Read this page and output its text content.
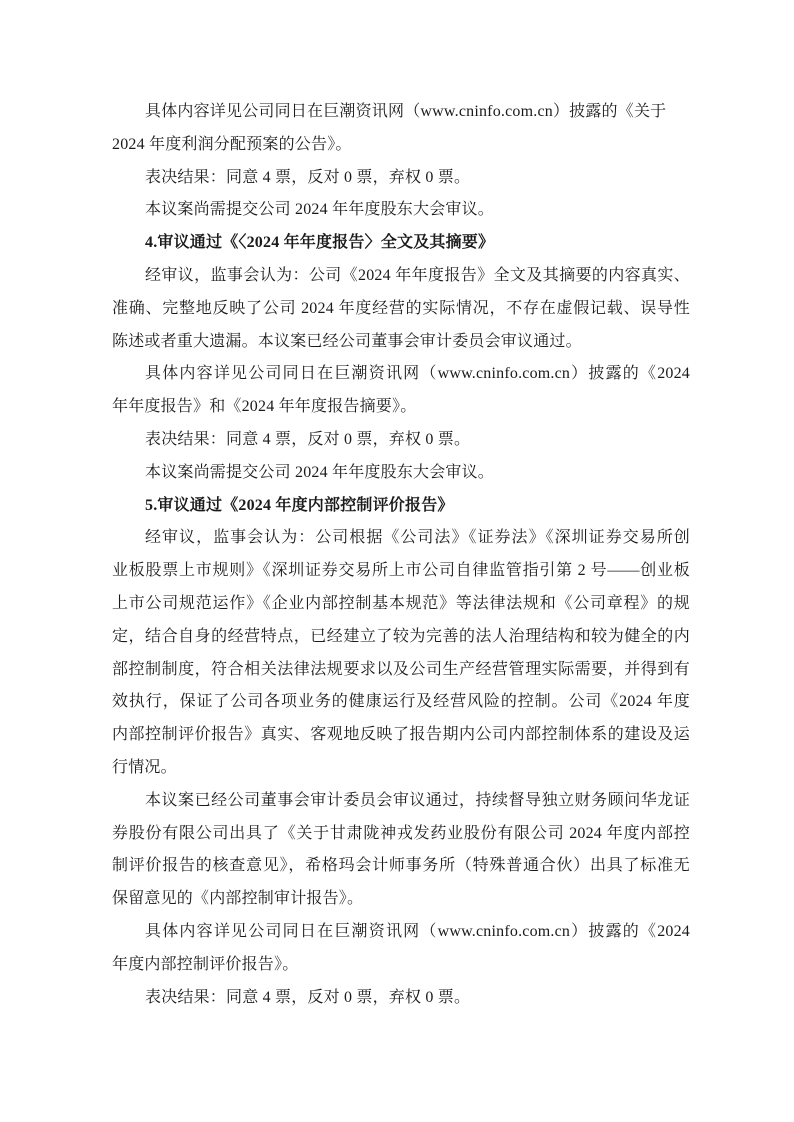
具体内容详见公司同日在巨潮资讯网（www.cninfo.com.cn）披露的《关于
2024 年度利润分配预案的公告》。
表决结果：同意 4 票，反对 0 票，弃权 0 票。
本议案尚需提交公司 2024 年年度股东大会审议。
4.审议通过《〈2024 年年度报告〉全文及其摘要》
经审议，监事会认为：公司《2024 年年度报告》全文及其摘要的内容真实、
准确、完整地反映了公司 2024 年度经营的实际情况，不存在虚假记载、误导性
陈述或者重大遗漏。本议案已经公司董事会审计委员会审议通过。
具体内容详见公司同日在巨潮资讯网（www.cninfo.com.cn）披露的《2024
年年度报告》和《2024 年年度报告摘要》。
表决结果：同意 4 票，反对 0 票，弃权 0 票。
本议案尚需提交公司 2024 年年度股东大会审议。
5.审议通过《2024 年度内部控制评价报告》
经审议，监事会认为：公司根据《公司法》《证券法》《深圳证券交易所创
业板股票上市规则》《深圳证券交易所上市公司自律监管指引第 2 号——创业板
上市公司规范运作》《企业内部控制基本规范》等法律法规和《公司章程》的规
定，结合自身的经营特点，已经建立了较为完善的法人治理结构和较为健全的内
部控制制度，符合相关法律法规要求以及公司生产经营管理实际需要，并得到有
效执行，保证了公司各项业务的健康运行及经营风险的控制。公司《2024 年度
内部控制评价报告》真实、客观地反映了报告期内公司内部控制体系的建设及运
行情况。
本议案已经公司董事会审计委员会审议通过，持续督导独立财务顾问华龙证
券股份有限公司出具了《关于甘肃陇神戎发药业股份有限公司 2024 年度内部控
制评价报告的核查意见》，希格玛会计师事务所（特殊普通合伙）出具了标准无
保留意见的《内部控制审计报告》。
具体内容详见公司同日在巨潮资讯网（www.cninfo.com.cn）披露的《2024
年度内部控制评价报告》。
表决结果：同意 4 票，反对 0 票，弃权 0 票。
